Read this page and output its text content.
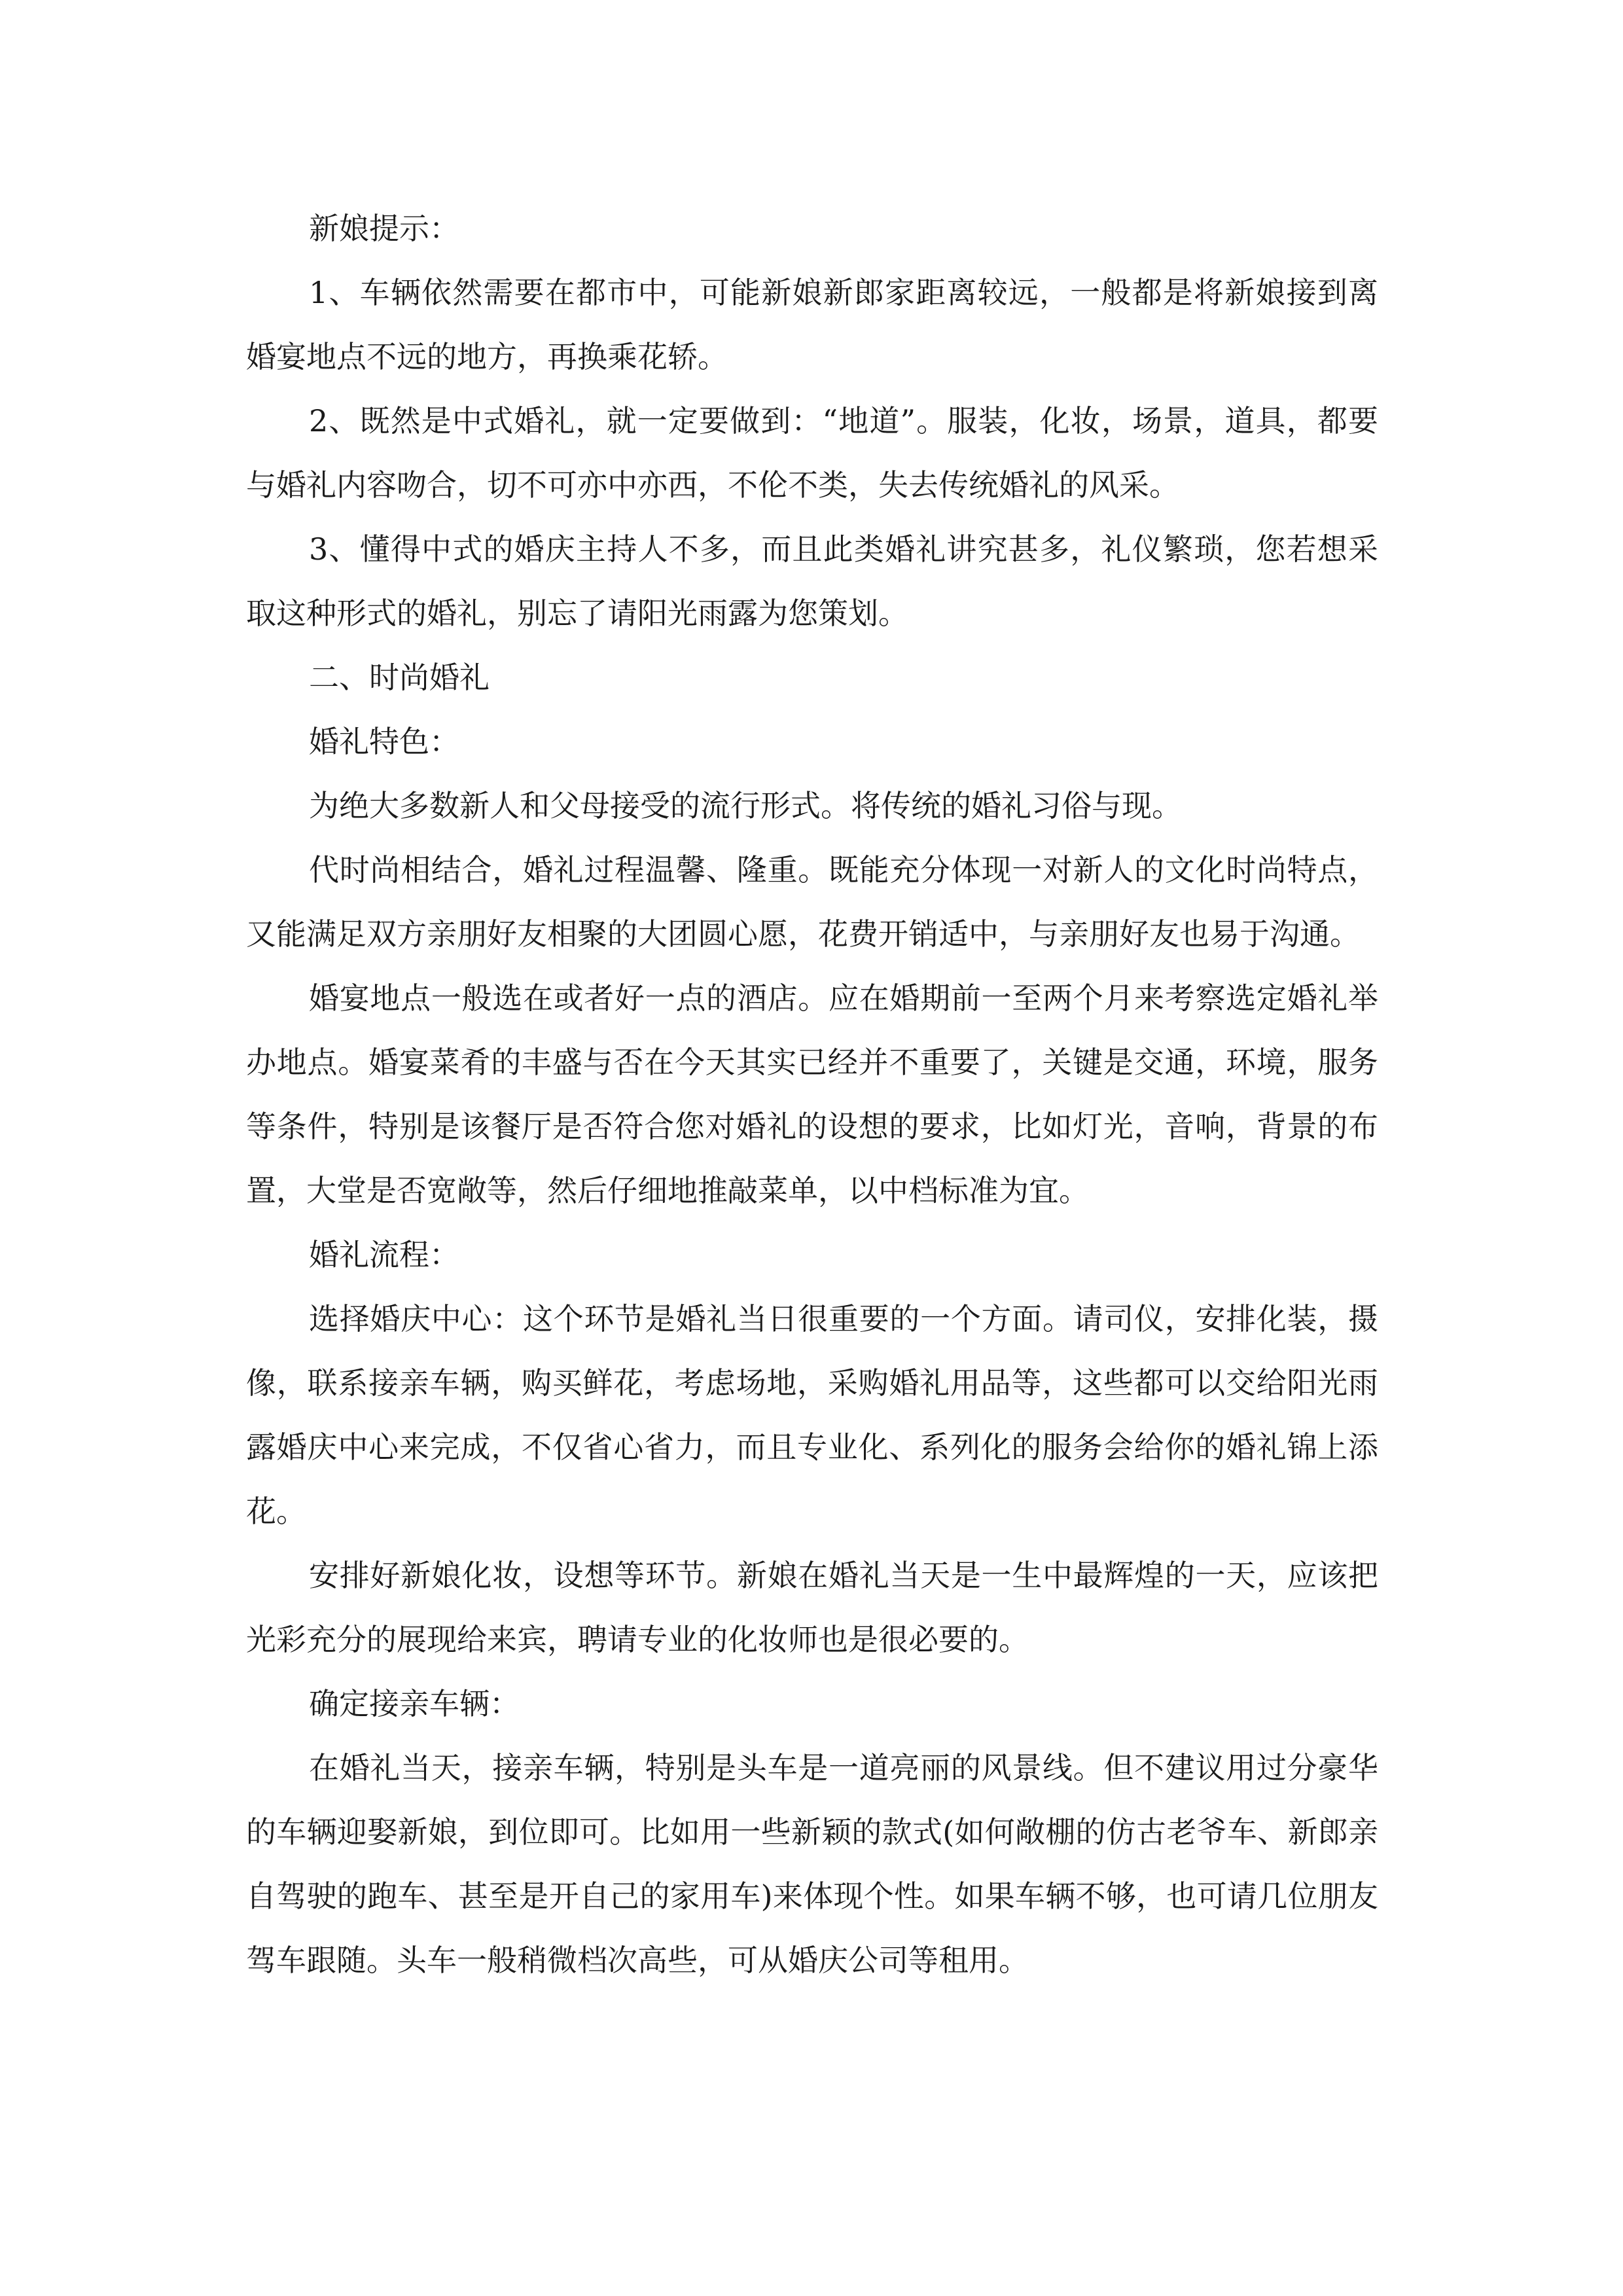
新娘提示：

1、车辆依然需要在都市中，可能新娘新郎家距离较远，一般都是将新娘接到离婚宴地点不远的地方，再换乘花轿。

2、既然是中式婚礼，就一定要做到：“地道”。服装，化妆，场景，道具，都要与婚礼内容吻合，切不可亦中亦西，不伦不类，失去传统婚礼的风采。

3、懂得中式的婚庆主持人不多，而且此类婚礼讲究甚多，礼仪繁琐，您若想采取这种形式的婚礼，别忘了请阳光雨露为您策划。

二、时尚婚礼

婚礼特色：

为绝大多数新人和父母接受的流行形式。将传统的婚礼习俗与现。

代时尚相结合，婚礼过程温馨、隆重。既能充分体现一对新人的文化时尚特点，又能满足双方亲朋好友相聚的大团圆心愿，花费开销适中，与亲朋好友也易于沟通。

婚宴地点一般选在或者好一点的酒店。应在婚期前一至两个月来考察选定婚礼举办地点。婚宴菜肴的丰盛与否在今天其实已经并不重要了，关键是交通，环境，服务等条件，特别是该餐厅是否符合您对婚礼的设想的要求，比如灯光，音响，背景的布置，大堂是否宽敞等，然后仔细地推敲菜单，以中档标准为宜。

婚礼流程：

选择婚庆中心：这个环节是婚礼当日很重要的一个方面。请司仪，安排化装，摄像，联系接亲车辆，购买鲜花，考虑场地，采购婚礼用品等，这些都可以交给阳光雨露婚庆中心来完成，不仅省心省力，而且专业化、系列化的服务会给你的婚礼锦上添花。

安排好新娘化妆，设想等环节。新娘在婚礼当天是一生中最辉煌的一天，应该把光彩充分的展现给来宾，聘请专业的化妆师也是很必要的。

确定接亲车辆：

在婚礼当天，接亲车辆，特别是头车是一道亮丽的风景线。但不建议用过分豪华的车辆迎娶新娘，到位即可。比如用一些新颖的款式(如何敞棚的仿古老爷车、新郎亲自驾驶的跑车、甚至是开自己的家用车)来体现个性。如果车辆不够，也可请几位朋友驾车跟随。头车一般稍微档次高些，可从婚庆公司等租用。
